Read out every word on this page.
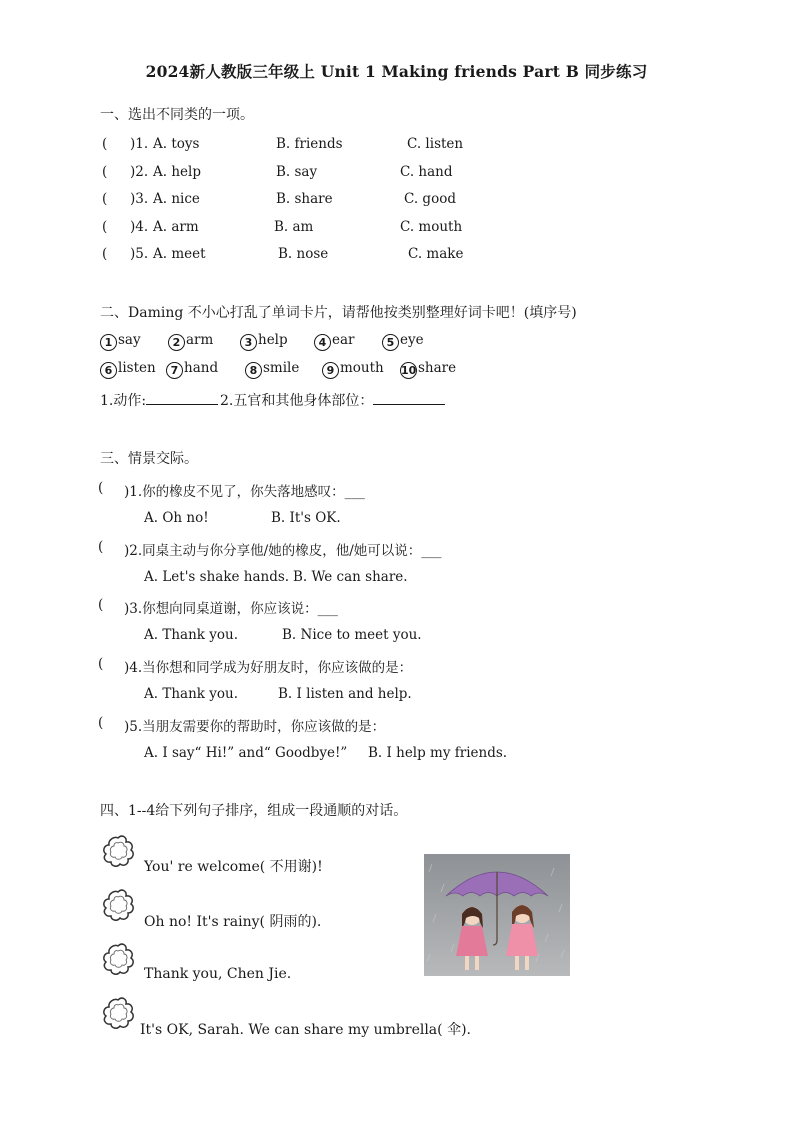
2024新人教版三年级上 Unit 1 Making friends Part B 同步练习
一、选出不同类的一项。
( )1. A. toys	B. friends	C. listen
( )2. A. help	B. say	C. hand
( )3. A. nice	B. share	C. good
( )4. A. arm	B. am	C. mouth
( )5. A. meet	B. nose	C. make
二、Daming 不小心打乱了单词卡片，请帮他按类别整理好词卡吧！(填序号)
1 say	2 arm	3 help	4 ear	5 eye
6 listen	7 hand	8 smile	9 mouth 10 share
1.动作:	2.五官和其他身体部位：
三、情景交际。
( )1.你的橡皮不见了，你失落地感叹：___
A. Oh no!	B. It's OK.
( )2.同桌主动与你分享他/她的橡皮，他/她可以说：___
A. Let's shake hands. B. We can share.
( )3.你想向同桌道谢，你应该说：___
A. Thank you.	B. Nice to meet you.
( )4.当你想和同学成为好朋友时，你应该做的是：
A. Thank you.	B. I listen and help.
( )5.当朋友需要你的帮助时，你应该做的是：
A. I say“ Hi!” and“ Goodbye!” B. I help my friends.
四、1--4给下列句子排序，组成一段通顺的对话。
You' re welcome( 不用谢)!
Oh no! It's rainy( 阴雨的).
Thank you, Chen Jie.
It's OK, Sarah. We can share my umbrella( 伞).
